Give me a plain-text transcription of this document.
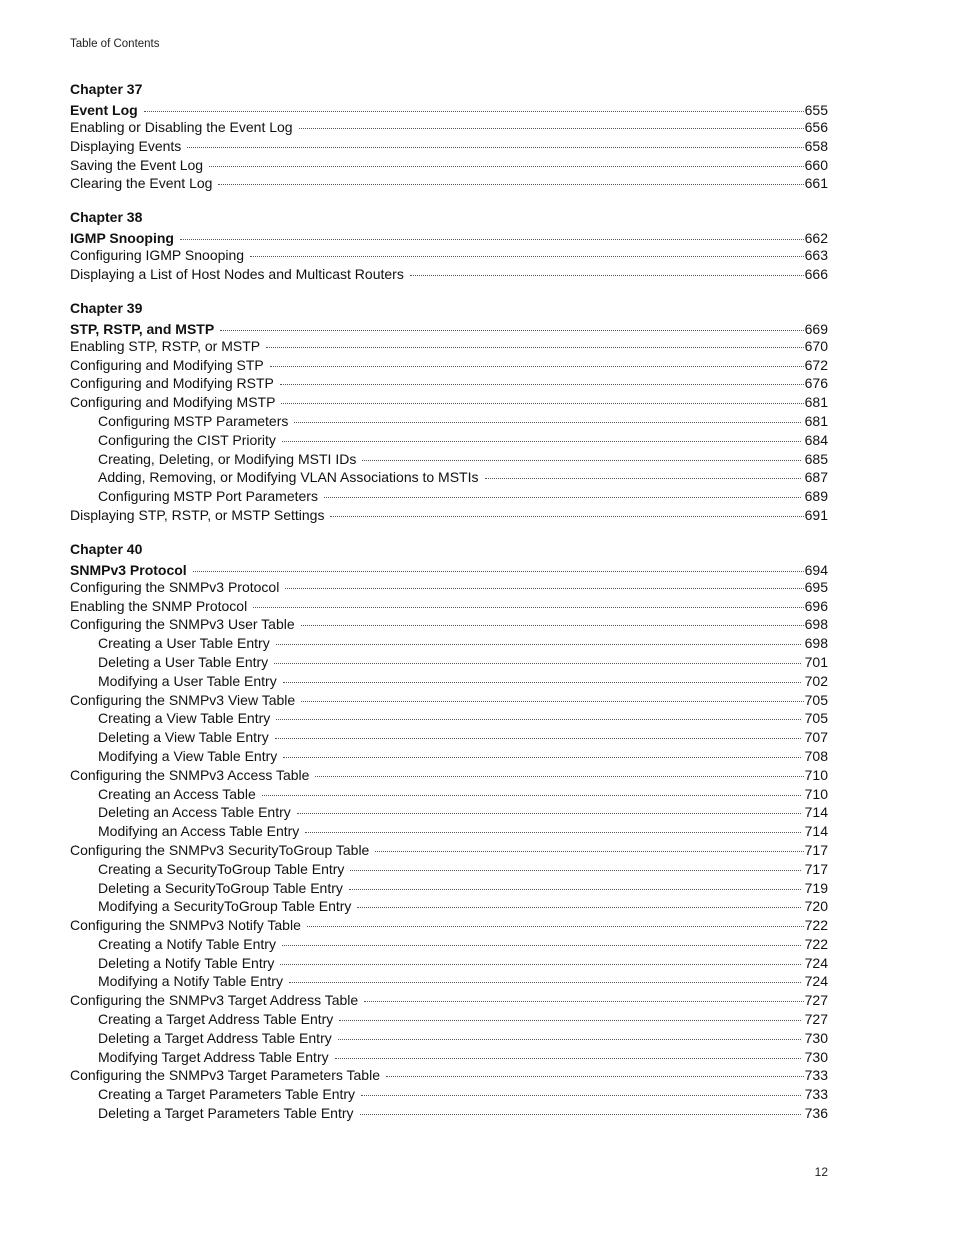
Table of Contents
Chapter 37
Event Log	655
Enabling or Disabling the Event Log	656
Displaying Events	658
Saving the Event Log	660
Clearing the Event Log	661
Chapter 38
IGMP Snooping	662
Configuring IGMP Snooping	663
Displaying a List of Host Nodes and Multicast Routers	666
Chapter 39
STP, RSTP, and MSTP	669
Enabling STP, RSTP, or MSTP	670
Configuring and Modifying STP	672
Configuring and Modifying RSTP	676
Configuring and Modifying MSTP	681
Configuring MSTP Parameters	681
Configuring the CIST Priority	684
Creating, Deleting, or Modifying MSTI IDs	685
Adding, Removing, or Modifying VLAN Associations to MSTIs	687
Configuring MSTP Port Parameters	689
Displaying STP, RSTP, or MSTP Settings	691
Chapter 40
SNMPv3 Protocol	694
Configuring the SNMPv3 Protocol	695
Enabling the SNMP Protocol	696
Configuring the SNMPv3 User Table	698
Creating a User Table Entry	698
Deleting a User Table Entry	701
Modifying a User Table Entry	702
Configuring the SNMPv3 View Table	705
Creating a View Table Entry	705
Deleting a View Table Entry	707
Modifying a View Table Entry	708
Configuring the SNMPv3 Access Table	710
Creating an Access Table	710
Deleting an Access Table Entry	714
Modifying an Access Table Entry	714
Configuring the SNMPv3 SecurityToGroup Table	717
Creating a SecurityToGroup Table Entry	717
Deleting a SecurityToGroup Table Entry	719
Modifying a SecurityToGroup Table Entry	720
Configuring the SNMPv3 Notify Table	722
Creating a Notify Table Entry	722
Deleting a Notify Table Entry	724
Modifying a Notify Table Entry	724
Configuring the SNMPv3 Target Address Table	727
Creating a Target Address Table Entry	727
Deleting a Target Address Table Entry	730
Modifying Target Address Table Entry	730
Configuring the SNMPv3 Target Parameters Table	733
Creating a Target Parameters Table Entry	733
Deleting a Target Parameters Table Entry	736
12
